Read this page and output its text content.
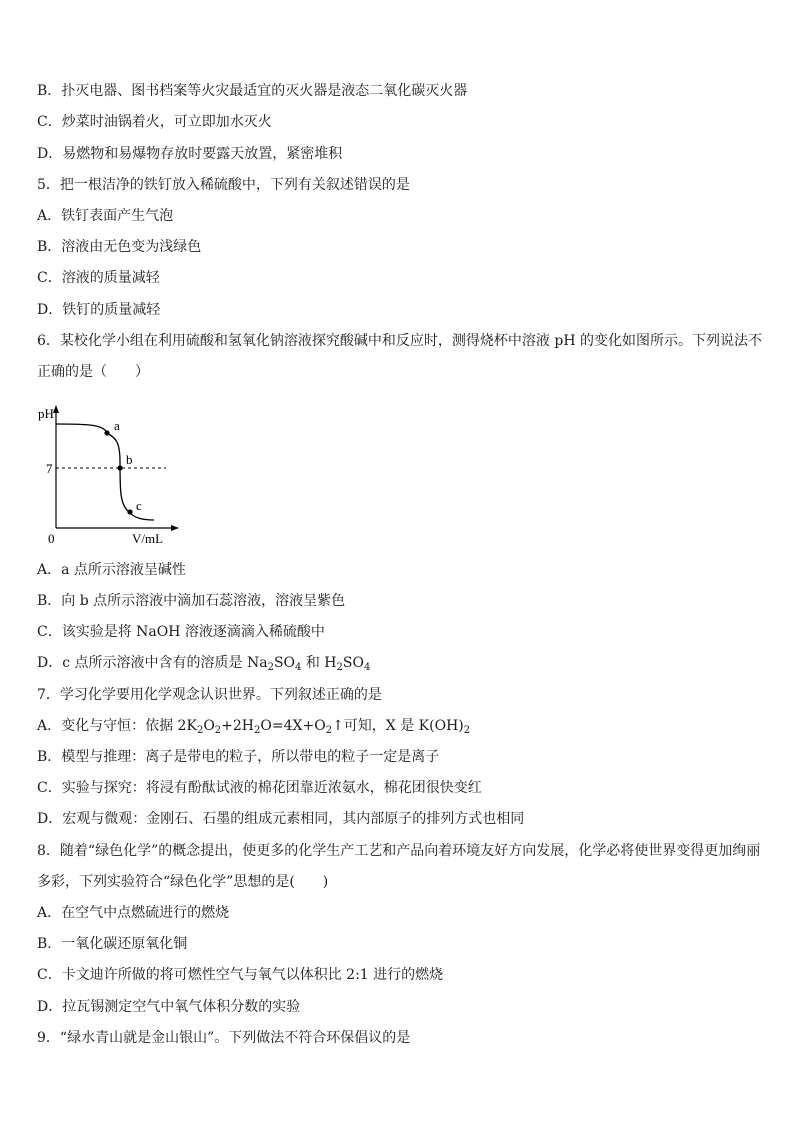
B．扑灭电器、图书档案等火灾最适宜的灭火器是液态二氧化碳灭火器
C．炒菜时油锅着火，可立即加水灭火
D．易燃物和易爆物存放时要露天放置，紧密堆积
5．把一根洁净的铁钉放入稀硫酸中，下列有关叙述错误的是
A．铁钉表面产生气泡
B．溶液由无色变为浅绿色
C．溶液的质量减轻
D．铁钉的质量减轻
6．某校化学小组在利用硫酸和氢氧化钠溶液探究酸碱中和反应时，测得烧杯中溶液 pH 的变化如图所示。下列说法不
正确的是（　　）
pH
7
0	V/mL
a
b
c
A．a 点所示溶液呈碱性
B．向 b 点所示溶液中滴加石蕊溶液，溶液呈紫色
C．该实验是将 NaOH 溶液逐滴滴入稀硫酸中
D．c 点所示溶液中含有的溶质是 $Na_2SO_4$ 和 $H_2SO_4$
7．学习化学要用化学观念认识世界。下列叙述正确的是
A．变化与守恒：依据 $2K_2O_2+2H_2O=4X+O_2↑$可知，X 是 $K(OH)_2$
B．模型与推理：离子是带电的粒子，所以带电的粒子一定是离子
C．实验与探究：将浸有酚酞试液的棉花团靠近浓氨水，棉花团很快变红
D．宏观与微观：金刚石、石墨的组成元素相同，其内部原子的排列方式也相同
8．随着“绿色化学”的概念提出，使更多的化学生产工艺和产品向着环境友好方向发展，化学必将使世界变得更加绚丽
多彩，下列实验符合“绿色化学”思想的是(　　)
A．在空气中点燃硫进行的燃烧
B．一氧化碳还原氧化铜
C．卡文迪许所做的将可燃性空气与氧气以体积比 2:1 进行的燃烧
D．拉瓦锡测定空气中氧气体积分数的实验
9．“绿水青山就是金山银山”。下列做法不符合环保倡议的是
